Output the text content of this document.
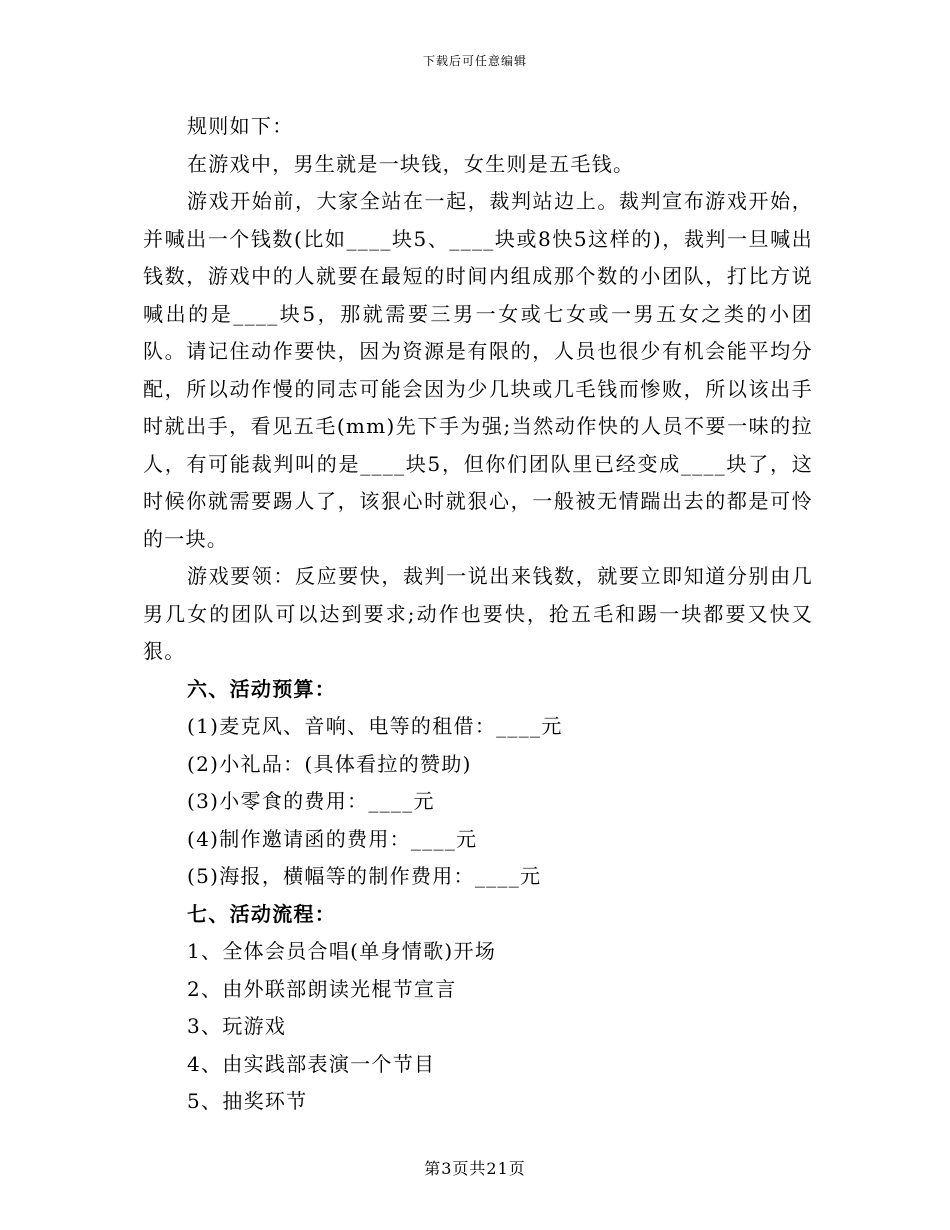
下载后可任意编辑

规则如下：

在游戏中，男生就是一块钱，女生则是五毛钱。

游戏开始前，大家全站在一起，裁判站边上。裁判宣布游戏开始，并喊出一个钱数(比如____块5、____块或8快5这样的)，裁判一旦喊出钱数，游戏中的人就要在最短的时间内组成那个数的小团队，打比方说喊出的是____块5，那就需要三男一女或七女或一男五女之类的小团队。请记住动作要快，因为资源是有限的，人员也很少有机会能平均分配，所以动作慢的同志可能会因为少几块或几毛钱而惨败，所以该出手时就出手，看见五毛(mm)先下手为强;当然动作快的人员不要一味的拉人，有可能裁判叫的是____块5，但你们团队里已经变成____块了，这时候你就需要踢人了，该狠心时就狠心，一般被无情踹出去的都是可怜的一块。

游戏要领：反应要快，裁判一说出来钱数，就要立即知道分别由几男几女的团队可以达到要求;动作也要快，抢五毛和踢一块都要又快又狠。

六、活动预算：

(1)麦克风、音响、电等的租借：____元

(2)小礼品：(具体看拉的赞助)

(3)小零食的费用：____元

(4)制作邀请函的费用：____元

(5)海报，横幅等的制作费用：____元

七、活动流程：

1、全体会员合唱(单身情歌)开场

2、由外联部朗读光棍节宣言

3、玩游戏

4、由实践部表演一个节目

5、抽奖环节

第3页共21页
